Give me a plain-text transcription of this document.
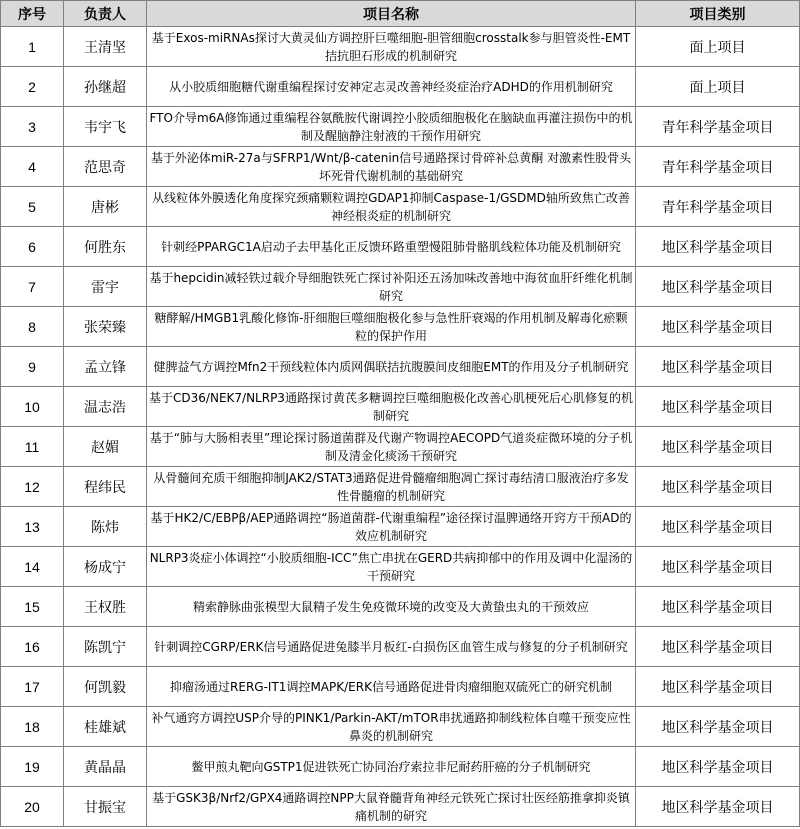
序号	负责人	项目名称	项目类别
1	王清坚	基于Exos-miRNAs探讨大黄灵仙方调控肝巨噬细胞-胆管细胞crosstalk参与胆管炎性-EMT拮抗胆石形成的机制研究	面上项目
2	孙继超	从小胶质细胞糖代谢重编程探讨安神定志灵改善神经炎症治疗ADHD的作用机制研究	面上项目
3	韦宇飞	FTO介导m6A修饰通过重编程谷氨酰胺代谢调控小胶质细胞极化在脑缺血再灌注损伤中的机制及醒脑静注射液的干预作用研究	青年科学基金项目
4	范思奇	基于外泌体miR-27a与SFRP1/Wnt/β-catenin信号通路探讨骨碎补总黄酮 对激素性股骨头坏死骨代谢机制的基础研究	青年科学基金项目
5	唐彬	从线粒体外膜透化角度探究颈痛颗粒调控GDAP1抑制Caspase-1/GSDMD轴所致焦亡改善神经根炎症的机制研究	青年科学基金项目
6	何胜东	针刺经PPARGC1A启动子去甲基化正反馈环路重塑慢阻肺骨骼肌线粒体功能及机制研究	地区科学基金项目
7	雷宇	基于hepcidin减轻铁过载介导细胞铁死亡探讨补阳还五汤加味改善地中海贫血肝纤维化机制研究	地区科学基金项目
8	张荣臻	糖酵解/HMGB1乳酸化修饰-肝细胞巨噬细胞极化参与急性肝衰竭的作用机制及解毒化瘀颗粒的保护作用	地区科学基金项目
9	孟立锋	健脾益气方调控Mfn2干预线粒体内质网偶联拮抗腹膜间皮细胞EMT的作用及分子机制研究	地区科学基金项目
10	温志浩	基于CD36/NEK7/NLRP3通路探讨黄芪多糖调控巨噬细胞极化改善心肌梗死后心肌修复的机制研究	地区科学基金项目
11	赵媚	基于“肺与大肠相表里”理论探讨肠道菌群及代谢产物调控AECOPD气道炎症微环境的分子机制及清金化痰汤干预研究	地区科学基金项目
12	程纬民	从骨髓间充质干细胞抑制JAK2/STAT3通路促进骨髓瘤细胞凋亡探讨毒结清口服液治疗多发性骨髓瘤的机制研究	地区科学基金项目
13	陈炜	基于HK2/C/EBPβ/AEP通路调控“肠道菌群-代谢重编程”途径探讨温脾通络开窍方干预AD的效应机制研究	地区科学基金项目
14	杨成宁	NLRP3炎症小体调控“小胶质细胞-ICC”焦亡串扰在GERD共病抑郁中的作用及调中化湿汤的干预研究	地区科学基金项目
15	王权胜	精索静脉曲张模型大鼠精子发生免疫微环境的改变及大黄蛰虫丸的干预效应	地区科学基金项目
16	陈凯宁	针刺调控CGRP/ERK信号通路促进兔膝半月板红-白损伤区血管生成与修复的分子机制研究	地区科学基金项目
17	何凯毅	抑瘤汤通过RERG-IT1调控MAPK/ERK信号通路促进骨肉瘤细胞双硫死亡的研究机制	地区科学基金项目
18	桂雄斌	补气通窍方调控USP介导的PINK1/Parkin-AKT/mTOR串扰通路抑制线粒体自噬干预变应性鼻炎的机制研究	地区科学基金项目
19	黄晶晶	鳖甲煎丸靶向GSTP1促进铁死亡协同治疗索拉非尼耐药肝癌的分子机制研究	地区科学基金项目
20	甘振宝	基于GSK3β/Nrf2/GPX4通路调控NPP大鼠脊髓背角神经元铁死亡探讨壮医经筋推拿抑炎镇痛机制的研究	地区科学基金项目
